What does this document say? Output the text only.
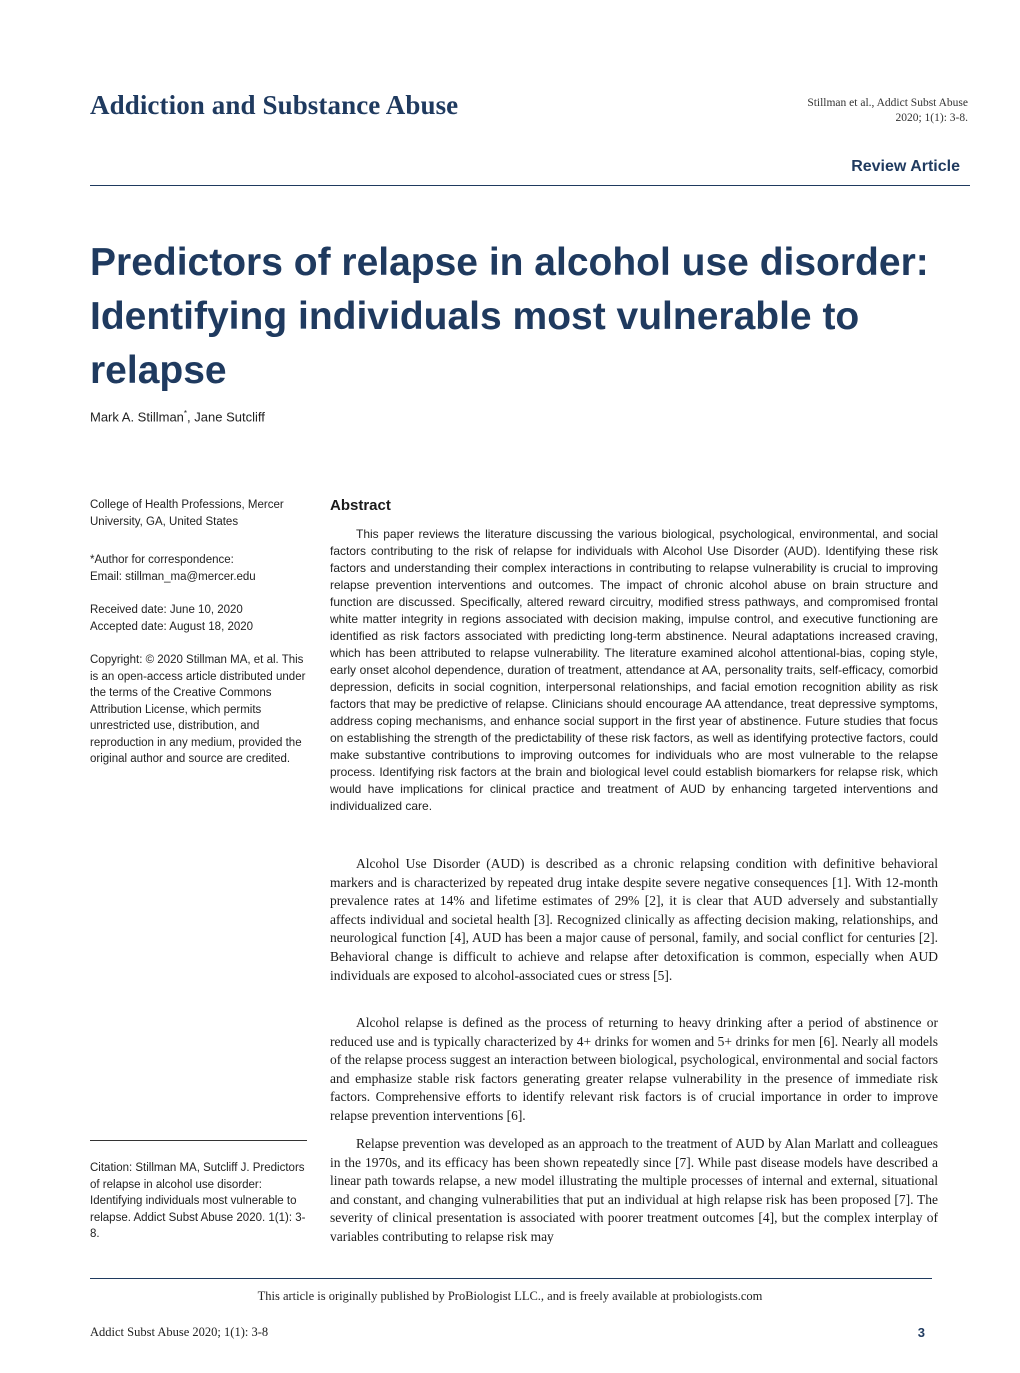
Addiction and Substance Abuse	Stillman et al., Addict Subst Abuse
2020; 1(1): 3-8.
Review Article
Predictors of relapse in alcohol use disorder: Identifying individuals most vulnerable to relapse
Mark A. Stillman*, Jane Sutcliff

College of Health Professions, Mercer University, GA, United States

*Author for correspondence:

Email: stillman_ma@mercer.edu

Received date: June 10, 2020

Accepted date: August 18, 2020

Copyright: © 2020 Stillman MA, et al. This is an open-access article distributed under the terms of the Creative Commons Attribution License, which permits unrestricted use, distribution, and reproduction in any medium, provided the original author and source are credited.

Abstract

This paper reviews the literature discussing the various biological, psychological, environmental, and social factors contributing to the risk of relapse for individuals with Alcohol Use Disorder (AUD). Identifying these risk factors and understanding their complex interactions in contributing to relapse vulnerability is crucial to improving relapse prevention interventions and outcomes. The impact of chronic alcohol abuse on brain structure and function are discussed. Specifically, altered reward circuitry, modified stress pathways, and compromised frontal white matter integrity in regions associated with decision making, impulse control, and executive functioning are identified as risk factors associated with predicting long-term abstinence. Neural adaptations increased craving, which has been attributed to relapse vulnerability. The literature examined alcohol attentional-bias, coping style, early onset alcohol dependence, duration of treatment, attendance at AA, personality traits, self-efficacy, comorbid depression, deficits in social cognition, interpersonal relationships, and facial emotion recognition ability as risk factors that may be predictive of relapse. Clinicians should encourage AA attendance, treat depressive symptoms, address coping mechanisms, and enhance social support in the first year of abstinence. Future studies that focus on establishing the strength of the predictability of these risk factors, as well as identifying protective factors, could make substantive contributions to improving outcomes for individuals who are most vulnerable to the relapse process. Identifying risk factors at the brain and biological level could establish biomarkers for relapse risk, which would have implications for clinical practice and treatment of AUD by enhancing targeted interventions and individualized care.

Alcohol Use Disorder (AUD) is described as a chronic relapsing condition with definitive behavioral markers and is characterized by repeated drug intake despite severe negative consequences [1]. With 12-month prevalence rates at 14% and lifetime estimates of 29% [2], it is clear that AUD adversely and substantially affects individual and societal health [3]. Recognized clinically as affecting decision making, relationships, and neurological function [4], AUD has been a major cause of personal, family, and social conflict for centuries [2]. Behavioral change is difficult to achieve and relapse after detoxification is common, especially when AUD individuals are exposed to alcohol-associated cues or stress [5].

Alcohol relapse is defined as the process of returning to heavy drinking after a period of abstinence or reduced use and is typically characterized by 4+ drinks for women and 5+ drinks for men [6]. Nearly all models of the relapse process suggest an interaction between biological, psychological, environmental and social factors and emphasize stable risk factors generating greater relapse vulnerability in the presence of immediate risk factors. Comprehensive efforts to identify relevant risk factors is of crucial importance in order to improve relapse prevention interventions [6].

Relapse prevention was developed as an approach to the treatment of AUD by Alan Marlatt and colleagues in the 1970s, and its efficacy has been shown repeatedly since [7]. While past disease models have described a linear path towards relapse, a new model illustrating the multiple processes of internal and external, situational and constant, and changing vulnerabilities that put an individual at high relapse risk has been proposed [7]. The severity of clinical presentation is associated with poorer treatment outcomes [4], but the complex interplay of variables contributing to relapse risk may

Citation: Stillman MA, Sutcliff J. Predictors of relapse in alcohol use disorder: Identifying individuals most vulnerable to relapse. Addict Subst Abuse 2020. 1(1): 3-8.

This article is originally published by ProBiologist LLC., and is freely available at probiologists.com
Addict Subst Abuse 2020; 1(1): 3-8	3
